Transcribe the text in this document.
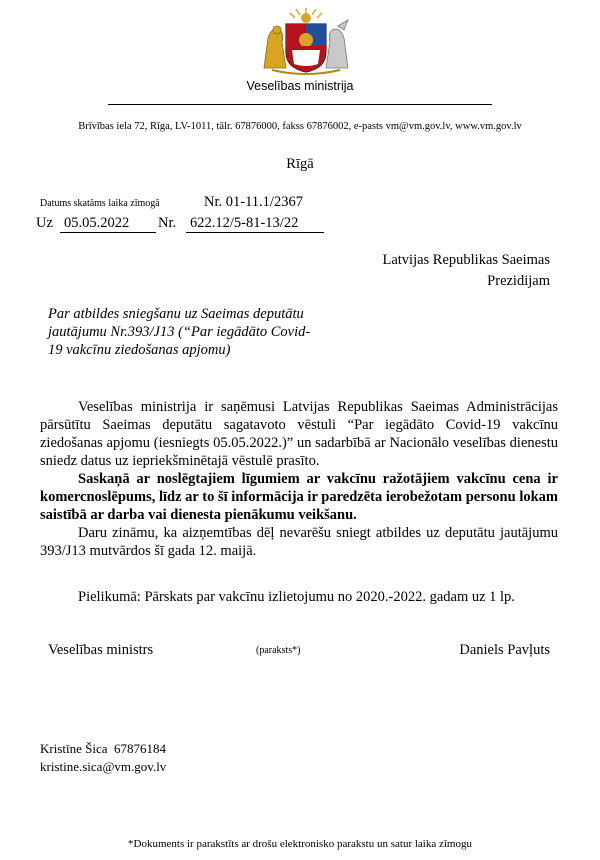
Veselības ministrija
Brīvības iela 72, Rīga, LV-1011, tālr. 67876000, fakss 67876002, e-pasts vm@vm.gov.lv, www.vm.gov.lv
Rīgā
Datums skatāms laika zīmogā	Nr. 01-11.1/2367
Uz 05.05.2022	Nr. 622.12/5-81-13/22
Latvijas Republikas Saeimas
Prezidijam
Par atbildes sniegšanu uz Saeimas deputātu jautājumu Nr.393/J13 (“Par iegādāto Covid-19 vakcīnu ziedošanas apjomu)

Veselības ministrija ir saņēmusi Latvijas Republikas Saeimas Administrācijas pārsūtītu Saeimas deputātu sagatavoto vēstuli “Par iegādāto Covid-19 vakcīnu ziedošanas apjomu (iesniegts 05.05.2022.)” un sadarbībā ar Nacionālo veselības dienestu sniedz datus uz iepriekšminētajā vēstulē prasīto.

Saskaņā ar noslēgtajiem līgumiem ar vakcīnu ražotājiem vakcīnu cena ir komercnoslēpums, līdz ar to šī informācija ir paredzēta ierobežotam personu lokam saistībā ar darba vai dienesta pienākumu veikšanu.

Daru zināmu, ka aizņemtības dēļ nevarēšu sniegt atbildes uz deputātu jautājumu 393/J13 mutvārdos šī gada 12. maijā.

Pielikumā: Pārskats par vakcīnu izlietojumu no 2020.-2022. gadam uz 1 lp.
Veselības ministrs	(paraksts*)	Daniels Pavļuts
Kristīne Šica  67876184
kristine.sica@vm.gov.lv
*Dokuments ir parakstīts ar drošu elektronisko parakstu un satur laika zīmogu
